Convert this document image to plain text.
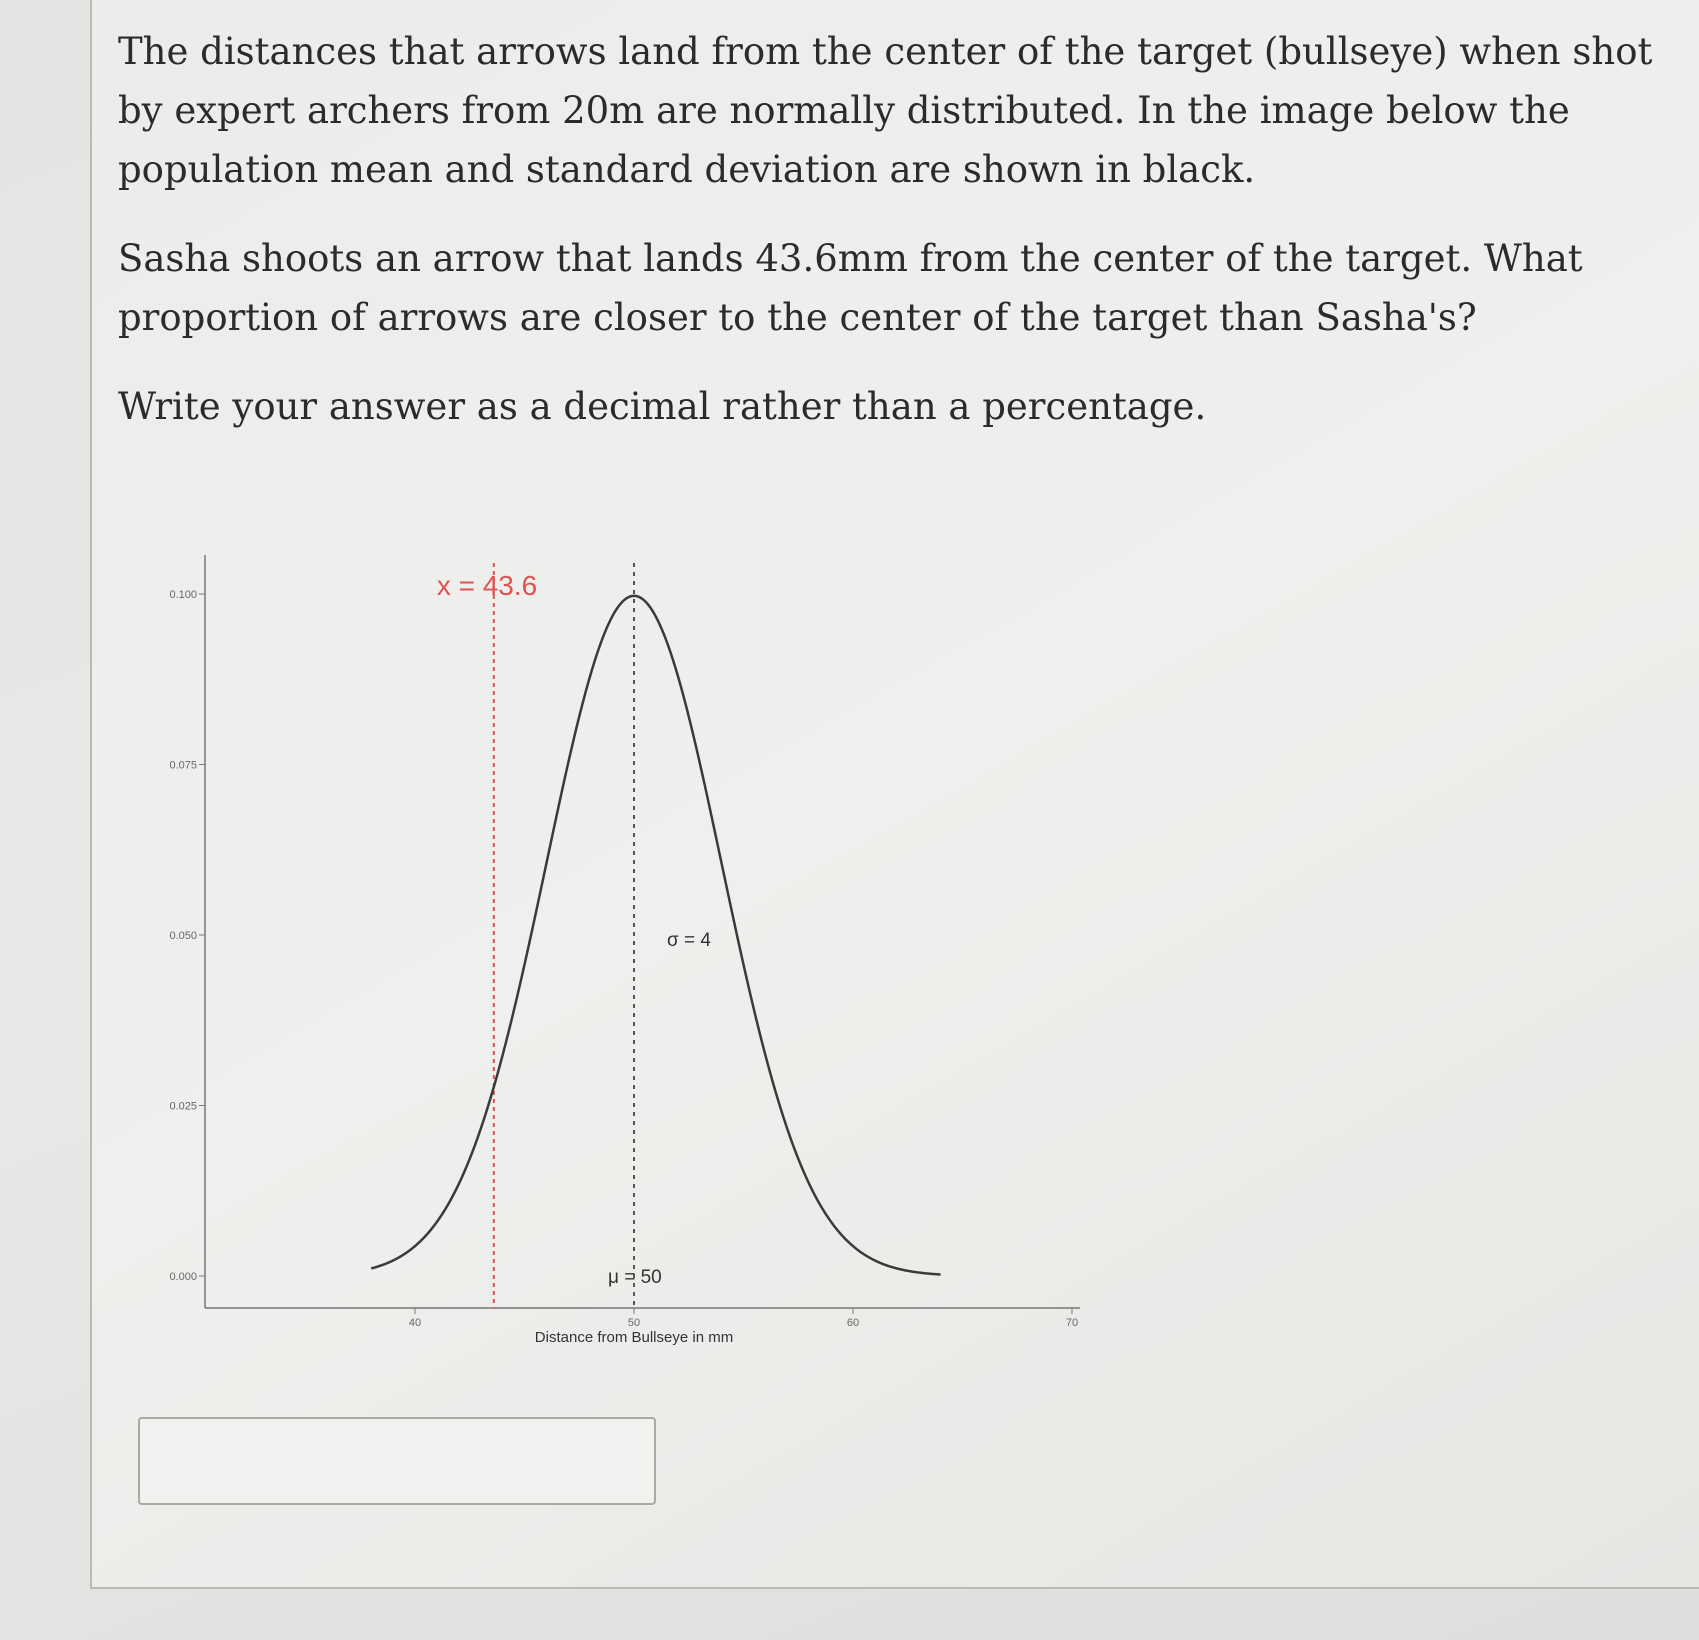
The distances that arrows land from the center of the target (bullseye) when shot by expert archers from 20m are normally distributed. In the image below the population mean and standard deviation are shown in black.

Sasha shoots an arrow that lands 43.6mm from the center of the target. What proportion of arrows are closer to the center of the target than Sasha's?

Write your answer as a decimal rather than a percentage.

0.000
0.025
0.050
0.075
0.100
40	50	60	70
Distance from Bullseye in mm
x = 43.6
σ = 4
μ = 50
